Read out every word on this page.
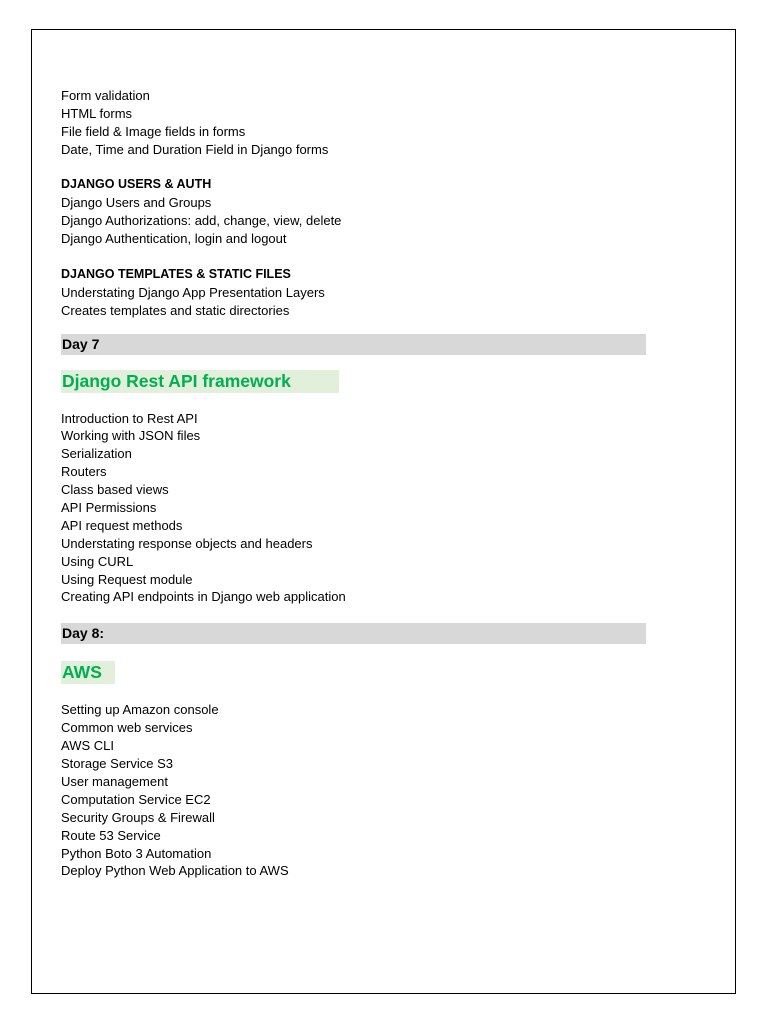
Form validation
HTML forms
File field & Image fields in forms
Date, Time and Duration Field in Django forms
DJANGO USERS & AUTH
Django Users and Groups
Django Authorizations: add, change, view, delete
Django Authentication, login and logout
DJANGO TEMPLATES & STATIC FILES
Understating Django App Presentation Layers
Creates templates and static directories
Day 7
Django Rest API framework
Introduction to Rest API
Working with JSON files
Serialization
Routers
Class based views
API Permissions
API request methods
Understating response objects and headers
Using CURL
Using Request module
Creating API endpoints in Django web application
Day 8:
AWS
Setting up Amazon console
Common web services
AWS CLI
Storage Service S3
User management
Computation Service EC2
Security Groups & Firewall
Route 53 Service
Python Boto 3 Automation
Deploy Python Web Application to AWS
